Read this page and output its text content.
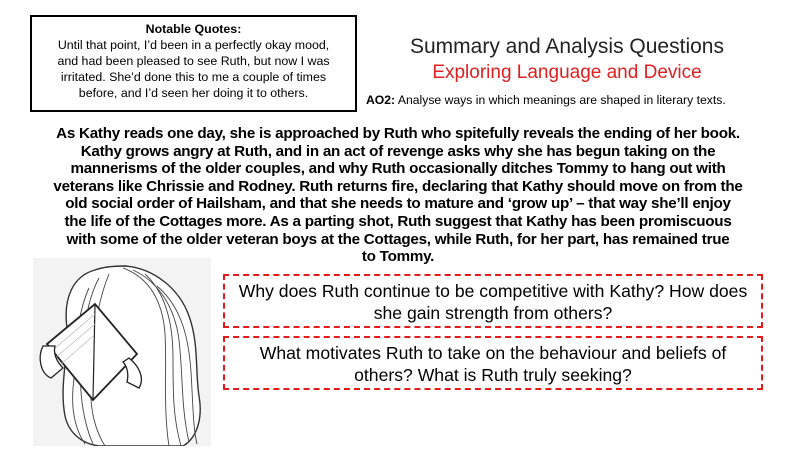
Notable Quotes:
Until that point, I’d been in a perfectly okay mood,
and had been pleased to see Ruth, but now I was
irritated. She’d done this to me a couple of times
before, and I’d seen her doing it to others.
Summary and Analysis Questions
Exploring Language and Device
AO2: Analyse ways in which meanings are shaped in literary texts.
As Kathy reads one day, she is approached by Ruth who spitefully reveals the ending of her book.
Kathy grows angry at Ruth, and in an act of revenge asks why she has begun taking on the
mannerisms of the older couples, and why Ruth occasionally ditches Tommy to hang out with
veterans like Chrissie and Rodney. Ruth returns fire, declaring that Kathy should move on from the
old social order of Hailsham, and that she needs to mature and ‘grow up’ – that way she’ll enjoy
the life of the Cottages more. As a parting shot, Ruth suggest that Kathy has been promiscuous
with some of the older veteran boys at the Cottages, while Ruth, for her part, has remained true
to Tommy.
Why does Ruth continue to be competitive with Kathy? How does
she gain strength from others?
What motivates Ruth to take on the behaviour and beliefs of
others? What is Ruth truly seeking?
